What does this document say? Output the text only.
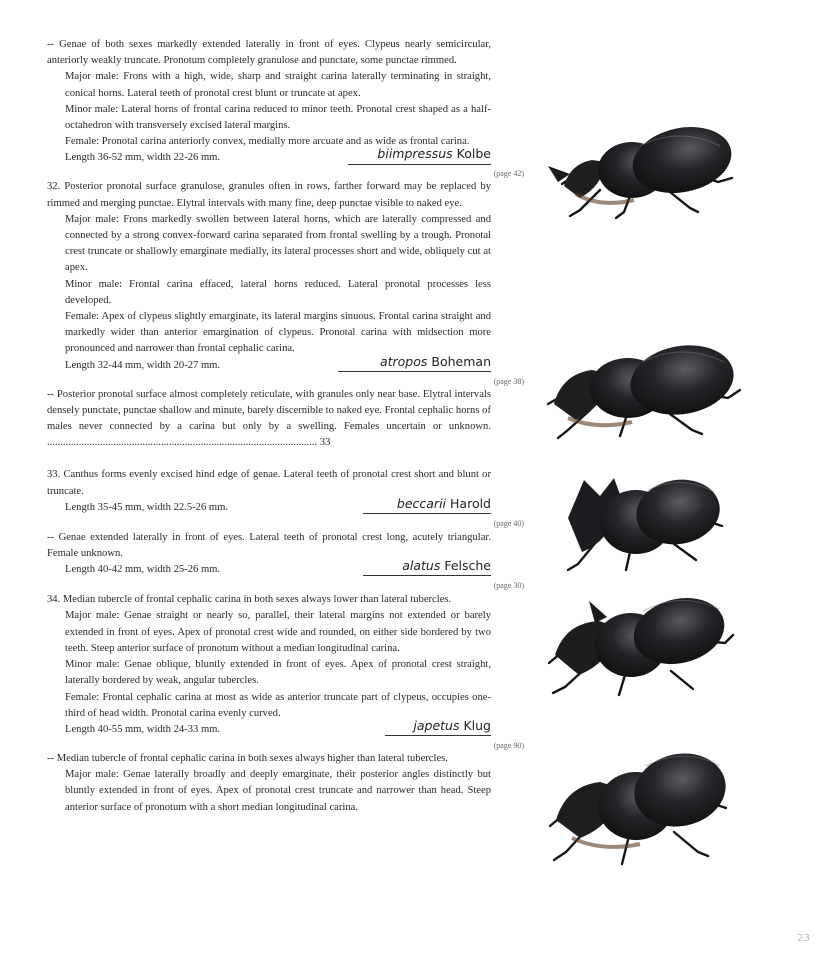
-- Genae of both sexes markedly extended laterally in front of eyes. Clypeus nearly semicircular, anteriorly weakly truncate. Pronotum completely granulose and punctate, some punctae rimmed.

Major male: Frons with a high, wide, sharp and straight carina laterally terminating in straight, conical horns. Lateral teeth of pronotal crest blunt or truncate at apex.

Minor male: Lateral horns of frontal carina reduced to minor teeth. Pronotal crest shaped as a half-octahedron with transversely excised lateral margins.

Female: Pronotal carina anteriorly convex, medially more arcuate and as wide as frontal carina.

Length 36-52 mm, width 22-26 mm.	biimpressus Kolbe
(page 42)

32. Posterior pronotal surface granulose, granules often in rows, farther forward may be replaced by rimmed and merging punctae. Elytral intervals with many fine, deep punctae visible to naked eye.

Major male: Frons markedly swollen between lateral horns, which are laterally compressed and connected by a strong convex-forward carina separated from frontal swelling by a trough. Pronotal crest truncate or shallowly emarginate medially, its lateral processes short and wide, obliquely cut at apex.

Minor male: Frontal carina effaced, lateral horns reduced. Lateral pronotal processes less developed.

Female: Apex of clypeus slightly emarginate, its lateral margins sinuous. Frontal carina straight and markedly wider than anterior emargination of clypeus. Pronotal carina with midsection more pronounced and narrower than frontal cephalic carina.

Length 32-44 mm, width 20-27 mm.	atropos Boheman
(page 38)

-- Posterior pronotal surface almost completely reticulate, with granules only near base. Elytral intervals densely punctate, punctae shallow and minute, barely discernible to naked eye. Frontal cephalic horns of males never connected by a carina but only by a swelling. Females uncertain or unknown. ...................................................................................................... 33

33. Canthus forms evenly excised hind edge of genae. Lateral teeth of pronotal crest short and blunt or truncate.

Length 35-45 mm, width 22.5-26 mm.	beccarii Harold
(page 40)

-- Genae extended laterally in front of eyes. Lateral teeth of pronotal crest long, acutely triangular. Female unknown.

Length 40-42 mm, width 25-26 mm.	alatus Felsche
(page 30)

34. Median tubercle of frontal cephalic carina in both sexes always lower than lateral tubercles.

Major male: Genae straight or nearly so, parallel, their lateral margins not extended or barely extended in front of eyes. Apex of pronotal crest wide and rounded, on either side bordered by two teeth. Steep anterior surface of pronotum without a median longitudinal carina.

Minor male: Genae oblique, bluntly extended in front of eyes. Apex of pronotal crest straight, laterally bordered by weak, angular tubercles.

Female: Frontal cephalic carina at most as wide as anterior truncate part of clypeus, occupies one-third of head width. Pronotal carina evenly curved.

Length 40-55 mm, width 24-33 mm.	japetus Klug
(page 90)

-- Median tubercle of frontal cephalic carina in both sexes always higher than lateral tubercles.

Major male: Genae laterally broadly and deeply emarginate, their posterior angles distinctly but bluntly extended in front of eyes. Apex of pronotal crest truncate and narrower than head. Steep anterior surface of pronotum with a short median longitudinal carina.

23
